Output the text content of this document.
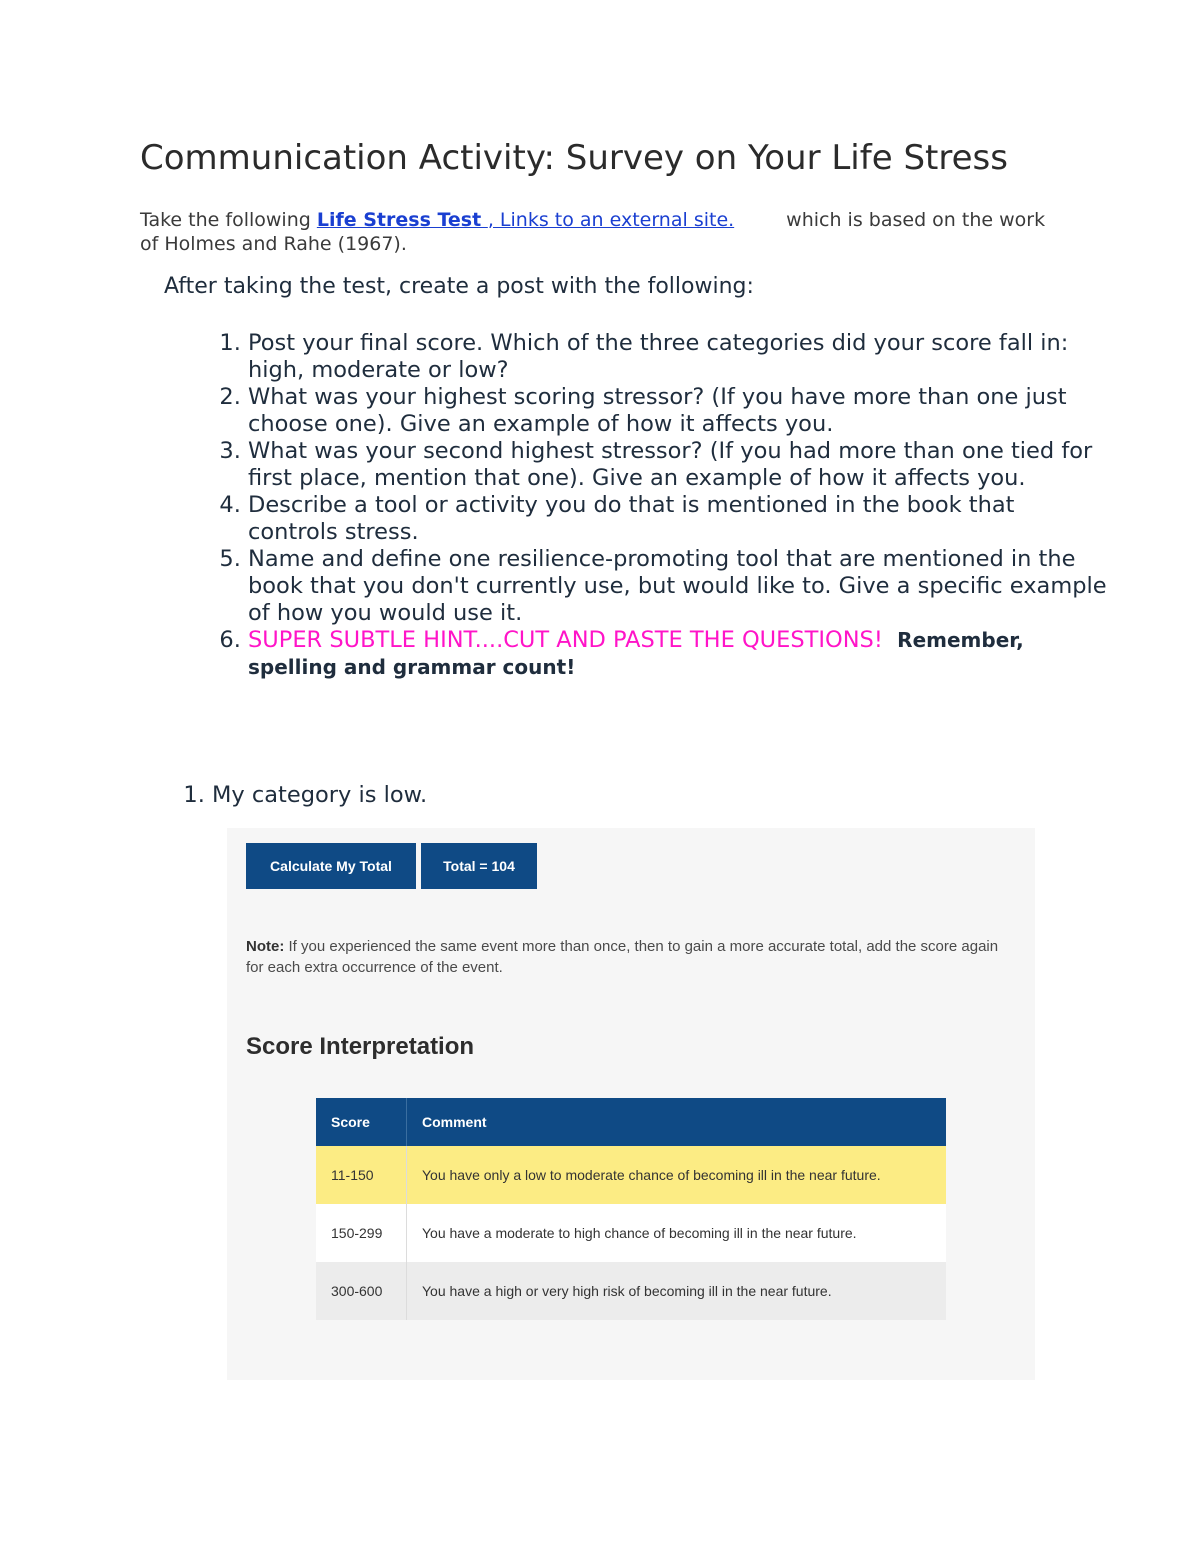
Communication Activity: Survey on Your Life Stress

Take the following Life Stress Test , Links to an external site.	which is based on the work of Holmes and Rahe (1967).

After taking the test, create a post with the following:

1. Post your final score. Which of the three categories did your score fall in: high, moderate or low?
2. What was your highest scoring stressor? (If you have more than one just choose one). Give an example of how it affects you.
3. What was your second highest stressor? (If you had more than one tied for first place, mention that one). Give an example of how it affects you.
4. Describe a tool or activity you do that is mentioned in the book that controls stress.
5. Name and define one resilience-promoting tool that are mentioned in the book that you don't currently use, but would like to. Give a specific example of how you would use it.
6. SUPER SUBTLE HINT....CUT AND PASTE THE QUESTIONS! Remember, spelling and grammar count!
1. My category is low.
Calculate My Total	Total = 104

Note: If you experienced the same event more than once, then to gain a more accurate total, add the score again for each extra occurrence of the event.

Score Interpretation
Score	Comment
11-150	You have only a low to moderate chance of becoming ill in the near future.
150-299	You have a moderate to high chance of becoming ill in the near future.
300-600	You have a high or very high risk of becoming ill in the near future.
